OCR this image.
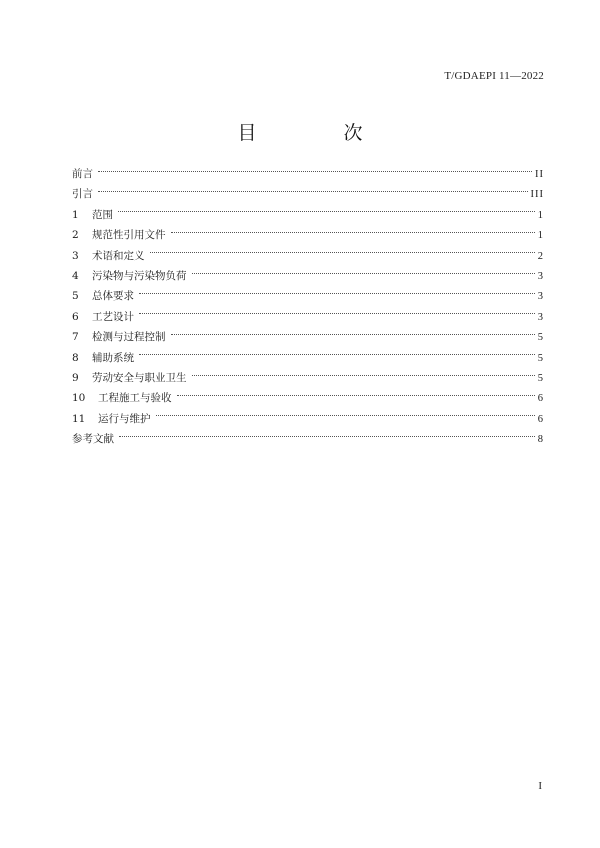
T/GDAEPI 11—2022
目　次
前言	II
引言	III
1	范围	1
2	规范性引用文件	1
3	术语和定义	2
4	污染物与污染物负荷	3
5	总体要求	3
6	工艺设计	3
7	检测与过程控制	5
8	辅助系统	5
9	劳动安全与职业卫生	5
10	工程施工与验收	6
11	运行与维护	6
参考文献	8
I
